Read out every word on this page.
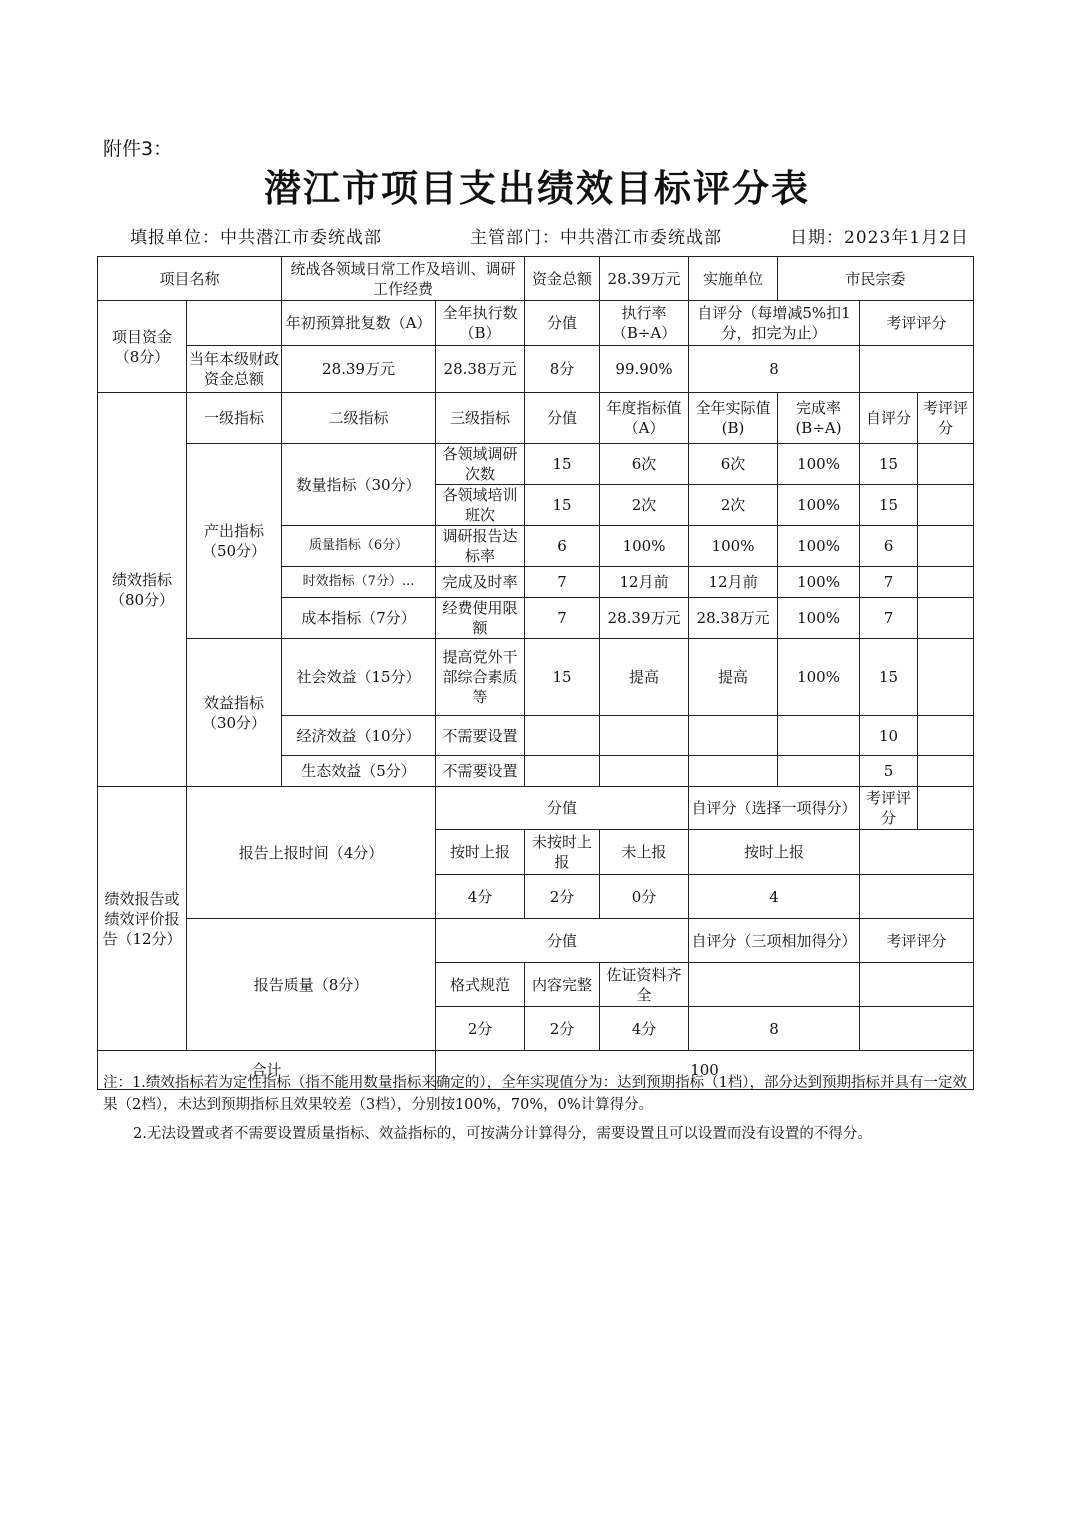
附件3：
潜江市项目支出绩效目标评分表
填报单位：中共潜江市委统战部	主管部门：中共潜江市委统战部	日期：2023年1月2日
项目名称		统战各领域日常工作及培训、调研工作经费		资金总额	28.39万元	实施单位	市民宗委		
项目资金（8分）		年初预算批复数（A）	全年执行数（B）	分值	执行率（B÷A）	自评分（每增减5%扣1分，扣完为止）		考评评分	
	当年本级财政资金总额	28.39万元	28.38万元	8分	99.90%	8			
绩效指标（80分）	一级指标	二级指标	三级指标	分值	年度指标值（A）	全年实际值(B)	完成率(B÷A)	自评分	考评评分
	产出指标（50分）	数量指标（30分）	各领域调研次数	15	6次	6次	100%	15	
			各领域培训班次	15	2次	2次	100%	15	
		质量指标（6分）	调研报告达标率	6	100%	100%	100%	6	
		时效指标（7分）...	完成及时率	7	12月前	12月前	100%	7	
		成本指标（7分）	经费使用限额	7	28.39万元	28.38万元	100%	7	
	效益指标（30分）	社会效益（15分）	提高党外干部综合素质等	15	提高	提高	100%	15	
		经济效益（10分）	不需要设置					10	
		生态效益（5分）	不需要设置					5	
绩效报告或绩效评价报告（12分）	报告上报时间（4分）		分值			自评分（选择一项得分）		考评评分	
			按时上报	未按时上报	未上报	按时上报			
			4分	2分	0分	4			
	报告质量（8分）		分值			自评分（三项相加得分）		考评评分	
			格式规范	内容完整	佐证资料齐全				
			2分	2分	4分	8			
合计			100						
注：1.绩效指标若为定性指标（指不能用数量指标来确定的），全年实现值分为：达到预期指标（1档），部分达到预期指标并具有一定效果（2档），未达到预期指标且效果较差（3档），分别按100%，70%，0%计算得分。
2.无法设置或者不需要设置质量指标、效益指标的，可按满分计算得分，需要设置且可以设置而没有设置的不得分。
